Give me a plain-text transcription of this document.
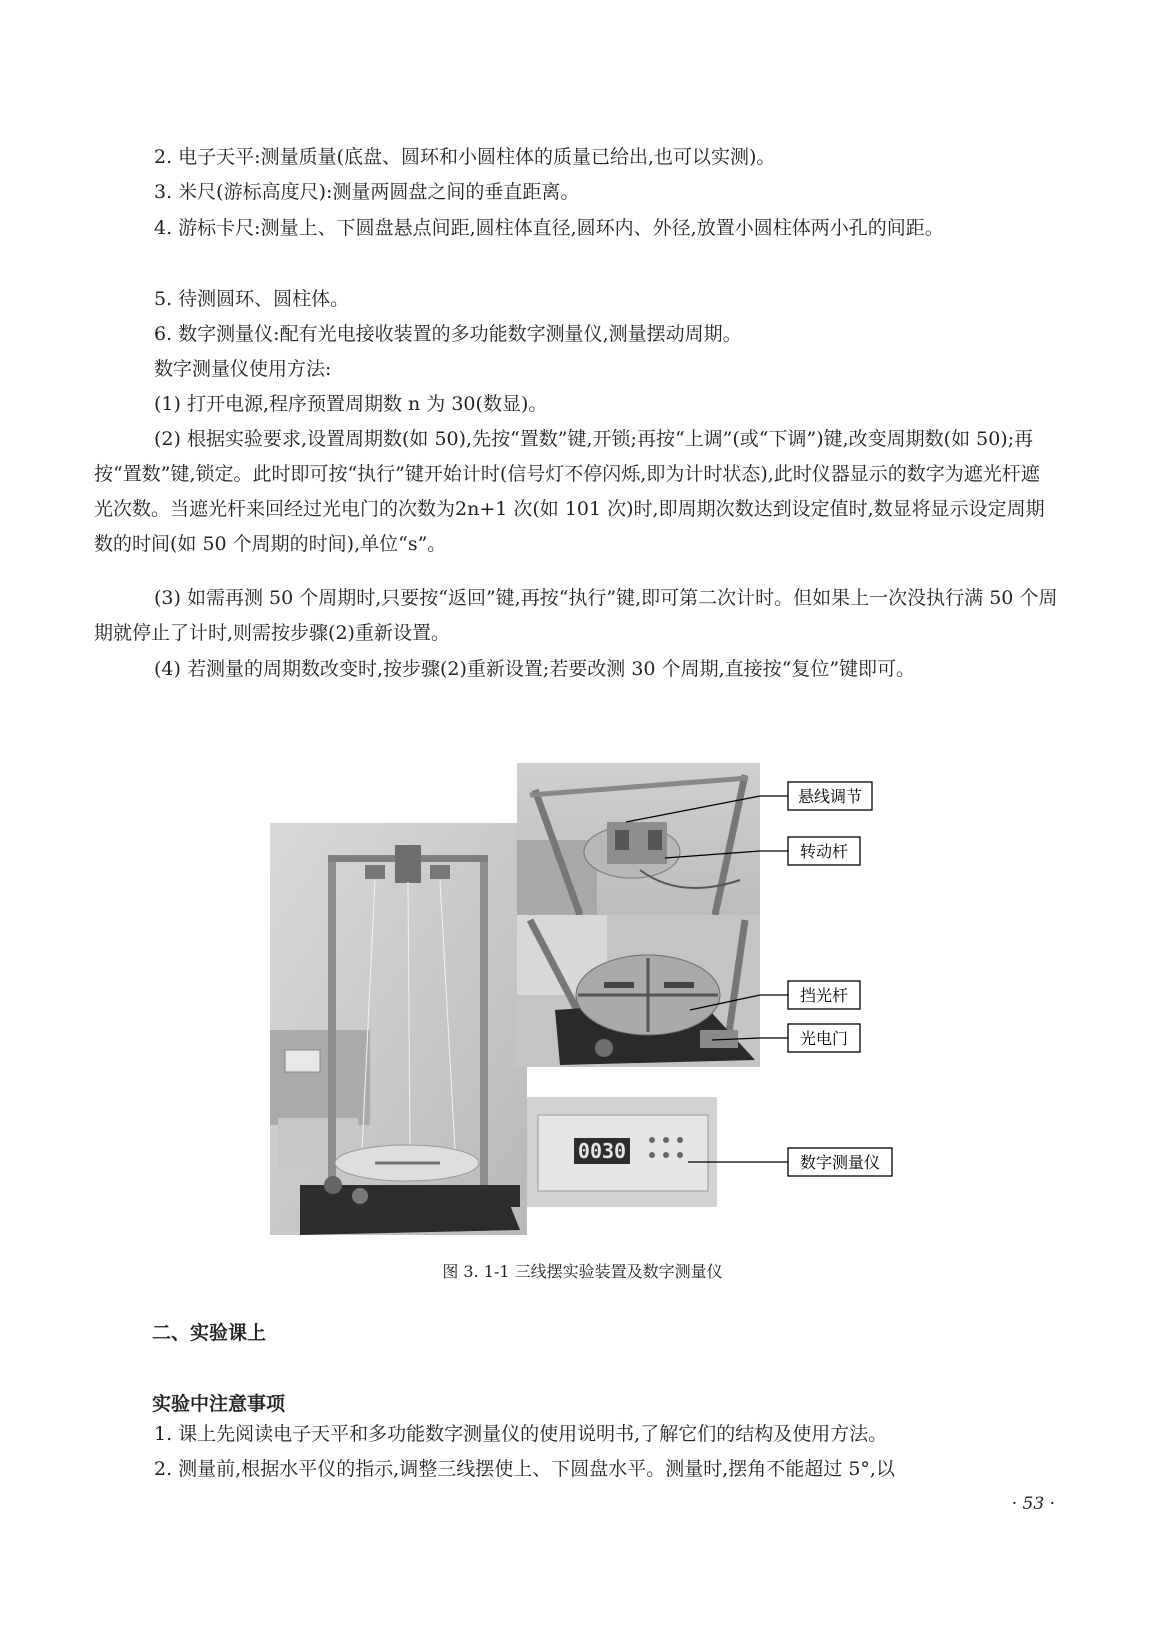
2. 电子天平:测量质量(底盘、圆环和小圆柱体的质量已给出,也可以实测)。

3. 米尺(游标高度尺):测量两圆盘之间的垂直距离。

4. 游标卡尺:测量上、下圆盘悬点间距,圆柱体直径,圆环内、外径,放置小圆柱体两小孔的间距。

5. 待测圆环、圆柱体。

6. 数字测量仪:配有光电接收装置的多功能数字测量仪,测量摆动周期。

数字测量仪使用方法:

(1) 打开电源,程序预置周期数 n 为 30(数显)。

(2) 根据实验要求,设置周期数(如 50),先按“置数”键,开锁;再按“上调”(或“下调”)键,改变周期数(如 50);再按“置数”键,锁定。此时即可按“执行”键开始计时(信号灯不停闪烁,即为计时状态),此时仪器显示的数字为遮光杆遮光次数。当遮光杆来回经过光电门的次数为2n+1 次(如 101 次)时,即周期次数达到设定值时,数显将显示设定周期数的时间(如 50 个周期的时间),单位“s”。

(3) 如需再测 50 个周期时,只要按“返回”键,再按“执行”键,即可第二次计时。但如果上一次没执行满 50 个周期就停止了计时,则需按步骤(2)重新设置。

(4) 若测量的周期数改变时,按步骤(2)重新设置;若要改测 30 个周期,直接按“复位”键即可。

0030
悬线调节
转动杆
挡光杆
光电门
数字测量仪
图 3. 1-1 三线摆实验装置及数字测量仪
二、实验课上
实验中注意事项

1. 课上先阅读电子天平和多功能数字测量仪的使用说明书,了解它们的结构及使用方法。

2. 测量前,根据水平仪的指示,调整三线摆使上、下圆盘水平。测量时,摆角不能超过 5°,以

· 53 ·
